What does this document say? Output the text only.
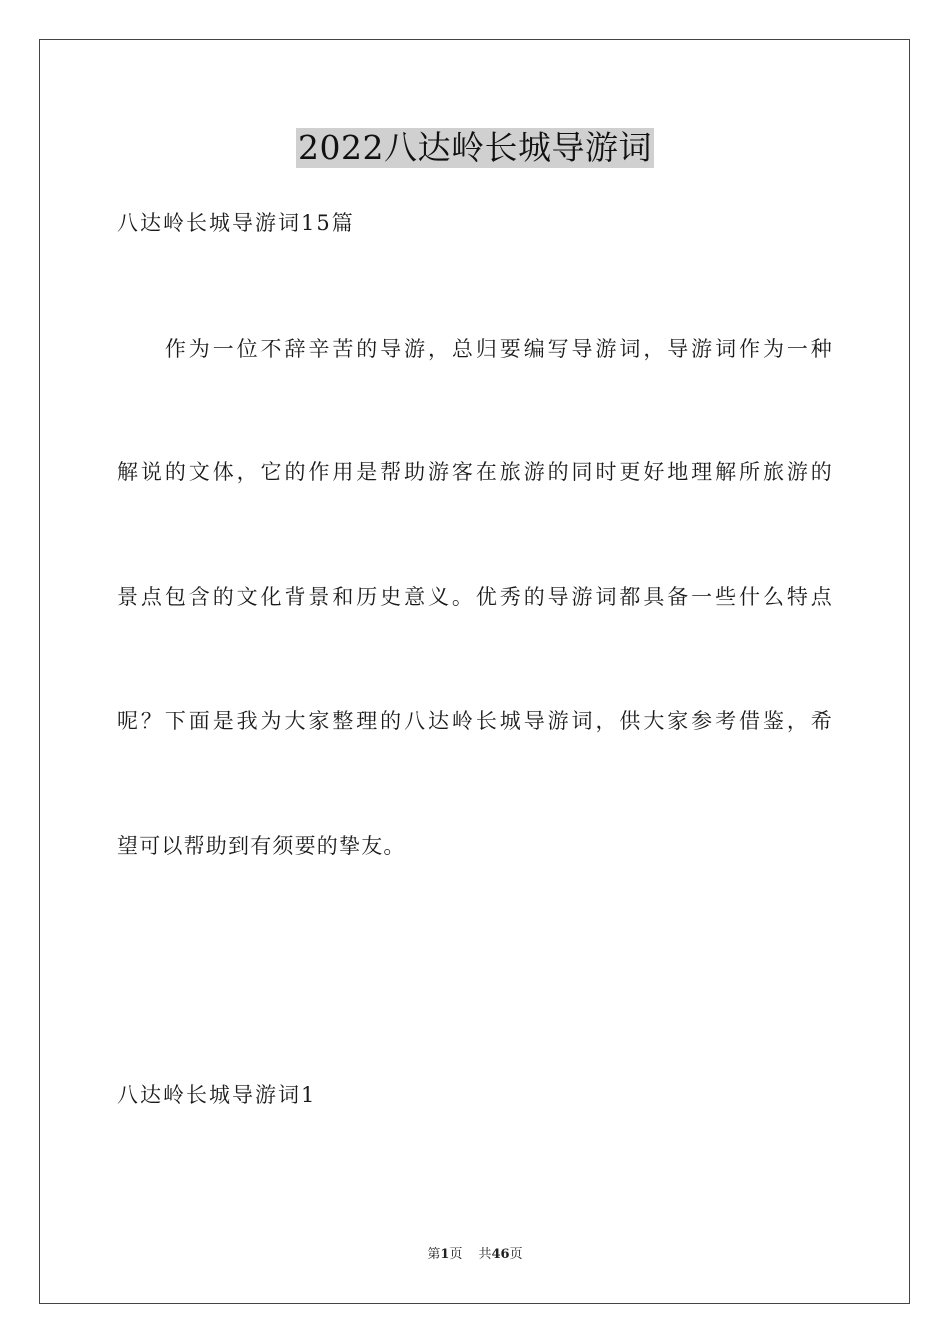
2022八达岭长城导游词
八达岭长城导游词15篇
　　作为一位不辞辛苦的导游，总归要编写导游词，导游词作为一种
解说的文体，它的作用是帮助游客在旅游的同时更好地理解所旅游的
景点包含的文化背景和历史意义。优秀的导游词都具备一些什么特点
呢？下面是我为大家整理的八达岭长城导游词，供大家参考借鉴，希
望可以帮助到有须要的挚友。
八达岭长城导游词1
第1页 共46页
